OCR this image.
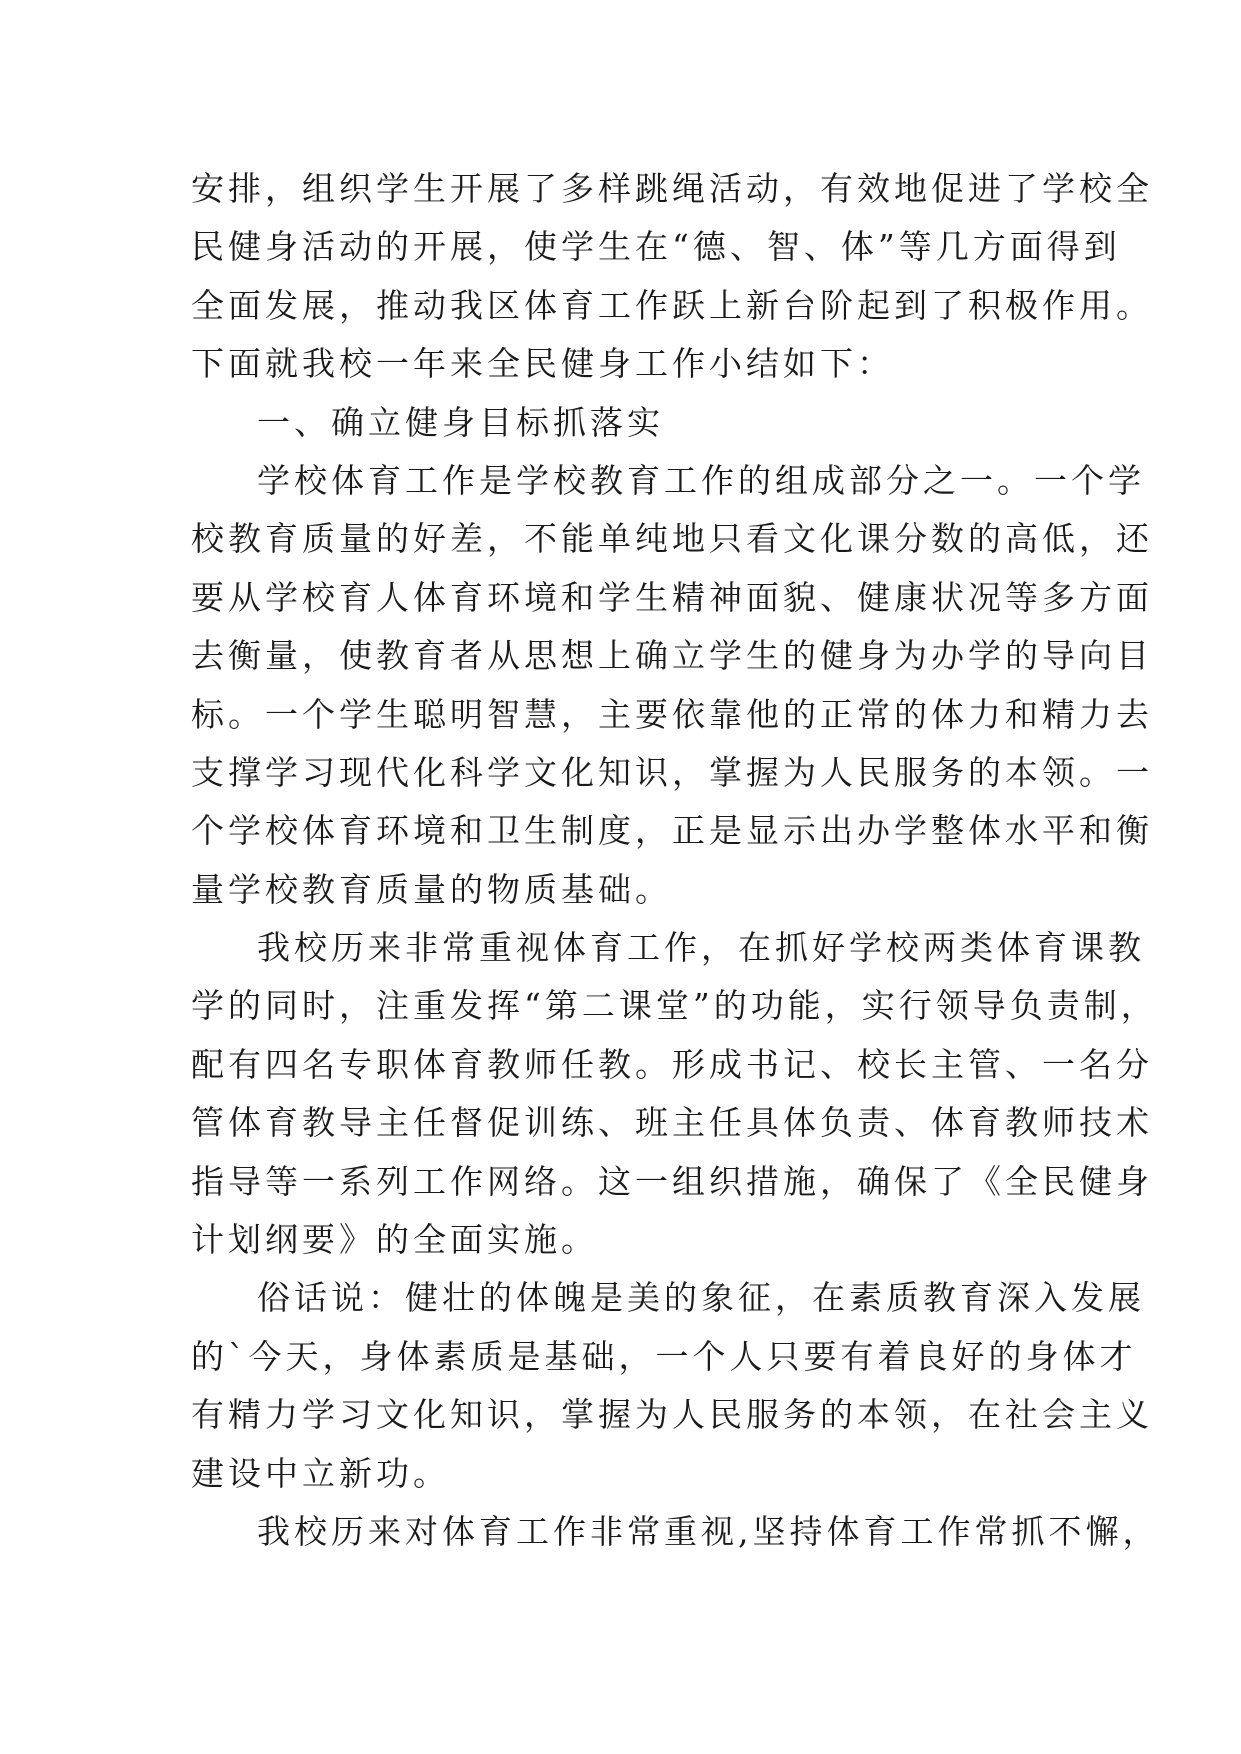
安排，组织学生开展了多样跳绳活动，有效地促进了学校全
民健身活动的开展，使学生在“德、智、体”等几方面得到
全面发展，推动我区体育工作跃上新台阶起到了积极作用。
下面就我校一年来全民健身工作小结如下：
一、确立健身目标抓落实
学校体育工作是学校教育工作的组成部分之一。一个学
校教育质量的好差，不能单纯地只看文化课分数的高低，还
要从学校育人体育环境和学生精神面貌、健康状况等多方面
去衡量，使教育者从思想上确立学生的健身为办学的导向目
标。一个学生聪明智慧，主要依靠他的正常的体力和精力去
支撑学习现代化科学文化知识，掌握为人民服务的本领。一
个学校体育环境和卫生制度，正是显示出办学整体水平和衡
量学校教育质量的物质基础。
我校历来非常重视体育工作，在抓好学校两类体育课教
学的同时，注重发挥“第二课堂”的功能，实行领导负责制，
配有四名专职体育教师任教。形成书记、校长主管、一名分
管体育教导主任督促训练、班主任具体负责、体育教师技术
指导等一系列工作网络。这一组织措施，确保了《全民健身
计划纲要》的全面实施。
俗话说：健壮的体魄是美的象征，在素质教育深入发展
的`今天，身体素质是基础，一个人只要有着良好的身体才
有精力学习文化知识，掌握为人民服务的本领，在社会主义
建设中立新功。
我校历来对体育工作非常重视,坚持体育工作常抓不懈，
